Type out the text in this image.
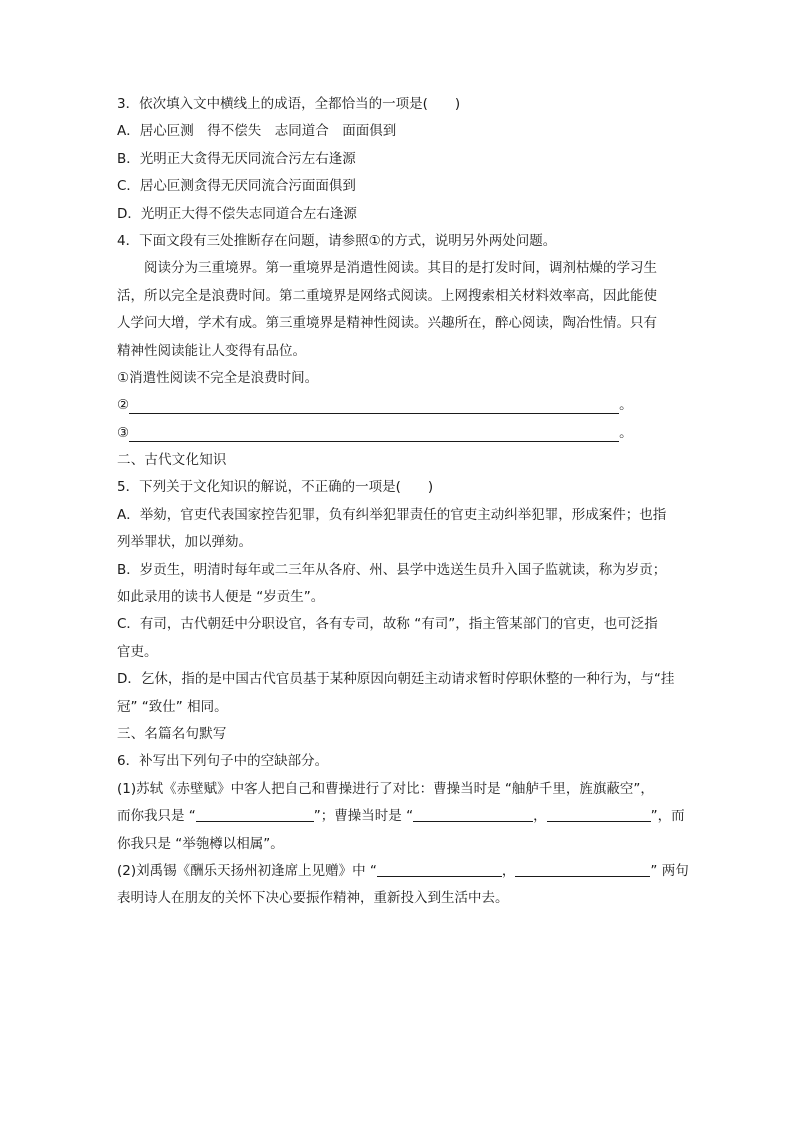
3．依次填入文中横线上的成语，全都恰当的一项是(　　)
A．居心叵测　得不偿失　志同道合　面面俱到
B．光明正大贪得无厌同流合污左右逢源
C．居心叵测贪得无厌同流合污面面俱到
D．光明正大得不偿失志同道合左右逢源
4．下面文段有三处推断存在问题，请参照①的方式，说明另外两处问题。
阅读分为三重境界。第一重境界是消遣性阅读。其目的是打发时间，调剂枯燥的学习生
活，所以完全是浪费时间。第二重境界是网络式阅读。上网搜索相关材料效率高，因此能使
人学问大增，学术有成。第三重境界是精神性阅读。兴趣所在，醉心阅读，陶冶性情。只有
精神性阅读能让人变得有品位。
①消遣性阅读不完全是浪费时间。
②	。
③	。
二、古代文化知识
5．下列关于文化知识的解说，不正确的一项是(　　)
A．举劾，官吏代表国家控告犯罪，负有纠举犯罪责任的官吏主动纠举犯罪，形成案件；也指
列举罪状，加以弹劾。
B．岁贡生，明清时每年或二三年从各府、州、县学中选送生员升入国子监就读，称为岁贡；
如此录用的读书人便是 “岁贡生”。
C．有司，古代朝廷中分职设官，各有专司，故称 “有司”，指主管某部门的官吏，也可泛指
官吏。
D．乞休，指的是中国古代官员基于某种原因向朝廷主动请求暂时停职休整的一种行为，与“挂
冠” “致仕” 相同。
三、名篇名句默写
6．补写出下列句子中的空缺部分。
(1)苏轼《赤壁赋》中客人把自己和曹操进行了对比：曹操当时是 “舳舻千里，旌旗蔽空”，
而你我只是 “	”；曹操当时是 “	，	”，而
你我只是 “举匏樽以相属”。
(2)刘禹锡《酬乐天扬州初逢席上见赠》中 “	，	” 两句
表明诗人在朋友的关怀下决心要振作精神，重新投入到生活中去。
